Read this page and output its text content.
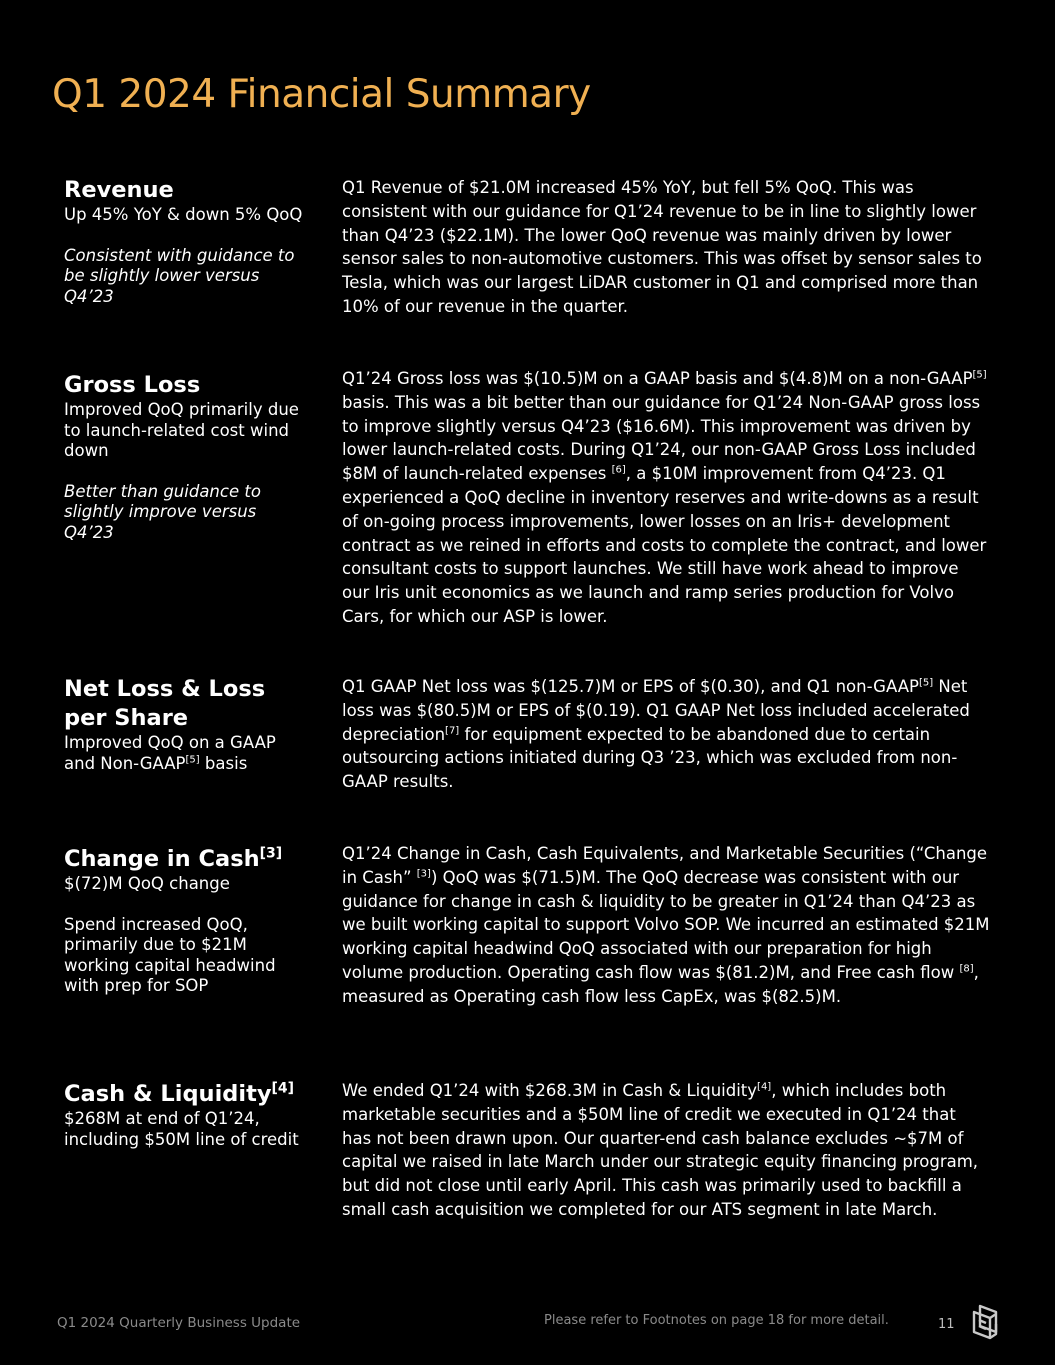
Q1 2024 Financial Summary
Revenue

Up 45% YoY & down 5% QoQ

Consistent with guidance to be slightly lower versus Q4’23

Q1 Revenue of $21.0M increased 45% YoY, but fell 5% QoQ. This was consistent with our guidance for Q1’24 revenue to be in line to slightly lower than Q4’23 ($22.1M). The lower QoQ revenue was mainly driven by lower sensor sales to non-automotive customers. This was offset by sensor sales to Tesla, which was our largest LiDAR customer in Q1 and comprised more than 10% of our revenue in the quarter.

Gross Loss

Improved QoQ primarily due to launch-related cost wind down

Better than guidance to slightly improve versus Q4’23

Q1’24 Gross loss was $(10.5)M on a GAAP basis and $(4.8)M on a non-GAAP[5] basis. This was a bit better than our guidance for Q1’24 Non-GAAP gross loss to improve slightly versus Q4’23 ($16.6M). This improvement was driven by lower launch-related costs. During Q1’24, our non-GAAP Gross Loss included $8M of launch-related expenses [6], a $10M improvement from Q4’23. Q1 experienced a QoQ decline in inventory reserves and write-downs as a result of on-going process improvements, lower losses on an Iris+ development contract as we reined in efforts and costs to complete the contract, and lower consultant costs to support launches. We still have work ahead to improve our Iris unit economics as we launch and ramp series production for Volvo Cars, for which our ASP is lower.

Net Loss & Loss per Share

Improved QoQ on a GAAP and Non-GAAP[5] basis

Q1 GAAP Net loss was $(125.7)M or EPS of $(0.30), and Q1 non-GAAP[5] Net loss was $(80.5)M or EPS of $(0.19). Q1 GAAP Net loss included accelerated depreciation[7] for equipment expected to be abandoned due to certain outsourcing actions initiated during Q3 ’23, which was excluded from non-GAAP results.

Change in Cash[3]

$(72)M QoQ change

Spend increased QoQ, primarily due to $21M working capital headwind with prep for SOP

Q1’24 Change in Cash, Cash Equivalents, and Marketable Securities (“Change in Cash” [3]) QoQ was $(71.5)M. The QoQ decrease was consistent with our guidance for change in cash & liquidity to be greater in Q1’24 than Q4’23 as we built working capital to support Volvo SOP. We incurred an estimated $21M working capital headwind QoQ associated with our preparation for high volume production. Operating cash flow was $(81.2)M, and Free cash flow [8], measured as Operating cash flow less CapEx, was $(82.5)M.

Cash & Liquidity[4]

$268M at end of Q1’24, including $50M line of credit

We ended Q1’24 with $268.3M in Cash & Liquidity[4], which includes both marketable securities and a $50M line of credit we executed in Q1’24 that has not been drawn upon. Our quarter-end cash balance excludes ~$7M of capital we raised in late March under our strategic equity financing program, but did not close until early April. This cash was primarily used to backfill a small cash acquisition we completed for our ATS segment in late March.

Q1 2024 Quarterly Business Update	Please refer to Footnotes on page 18 for more detail.	11
